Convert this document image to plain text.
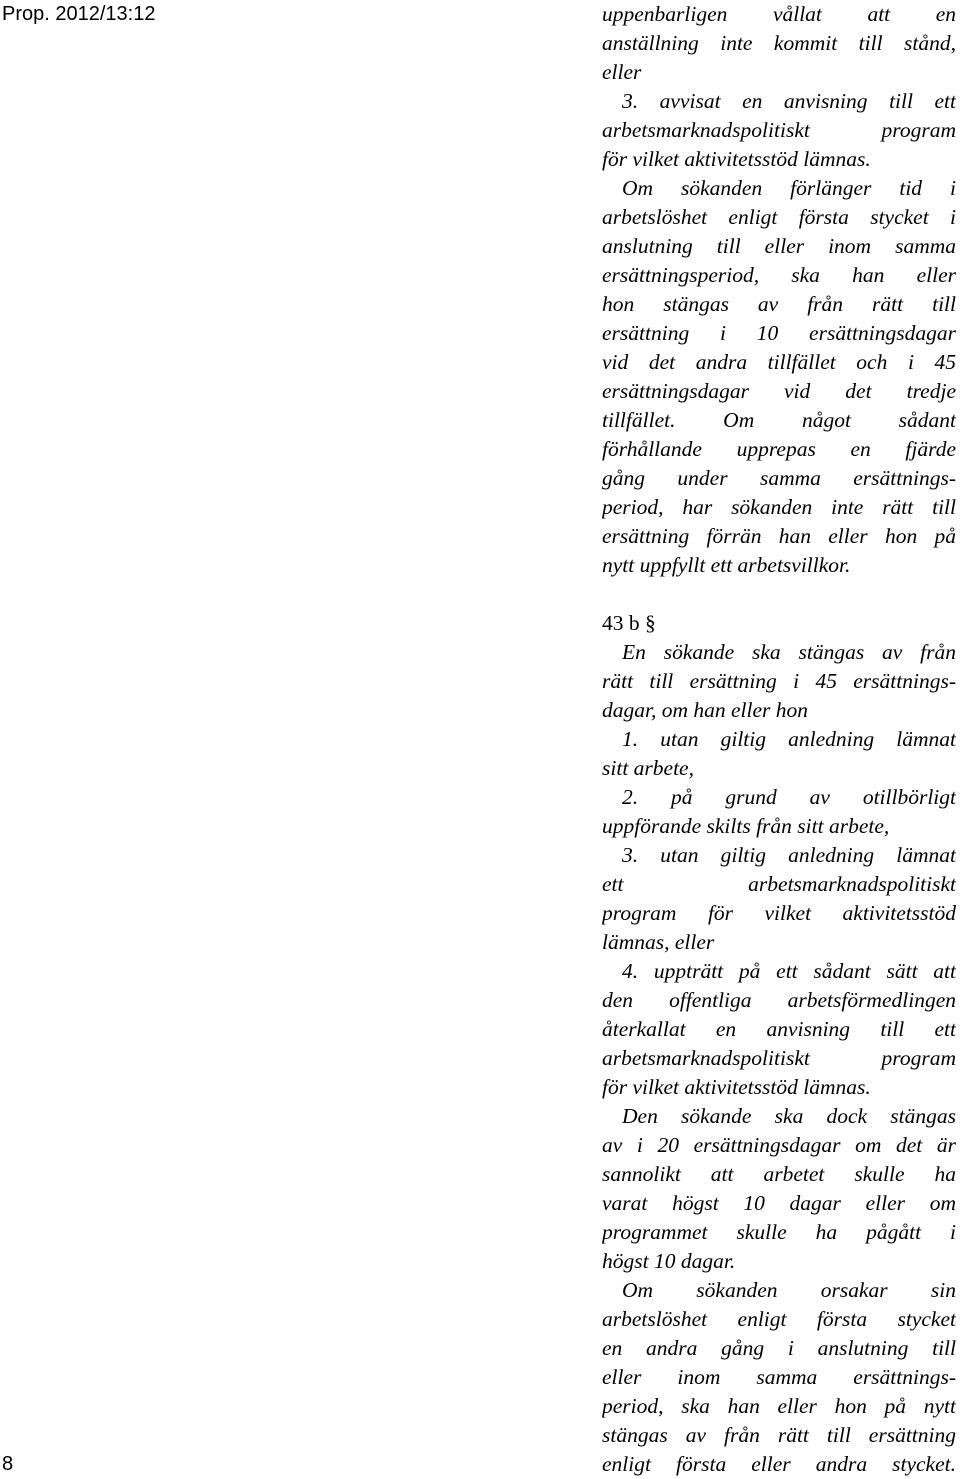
Prop. 2012/13:12	uppenbarligen vållat att en
anställning inte kommit till stånd,
eller
3. avvisat en anvisning till ett
arbetsmarknadspolitiskt program
för vilket aktivitetsstöd lämnas.
Om sökanden förlänger tid i
arbetslöshet enligt första stycket i
anslutning till eller inom samma
ersättningsperiod, ska han eller
hon stängas av från rätt till
ersättning i 10 ersättningsdagar
vid det andra tillfället och i 45
ersättningsdagar vid det tredje
tillfället. Om något sådant
förhållande upprepas en fjärde
gång under samma ersättnings-
period, har sökanden inte rätt till
ersättning förrän han eller hon på
nytt uppfyllt ett arbetsvillkor.
43 b §
En sökande ska stängas av från
rätt till ersättning i 45 ersättnings-
dagar, om han eller hon
1. utan giltig anledning lämnat
sitt arbete,
2. på grund av otillbörligt
uppförande skilts från sitt arbete,
3. utan giltig anledning lämnat
ett arbetsmarknadspolitiskt
program för vilket aktivitetsstöd
lämnas, eller
4. uppträtt på ett sådant sätt att
den offentliga arbetsförmedlingen
återkallat en anvisning till ett
arbetsmarknadspolitiskt program
för vilket aktivitetsstöd lämnas.
Den sökande ska dock stängas
av i 20 ersättningsdagar om det är
sannolikt att arbetet skulle ha
varat högst 10 dagar eller om
programmet skulle ha pågått i
högst 10 dagar.
Om sökanden orsakar sin
arbetslöshet enligt första stycket
en andra gång i anslutning till
eller inom samma ersättnings-
period, ska han eller hon på nytt
stängas av från rätt till ersättning
enligt första eller andra stycket.
8
